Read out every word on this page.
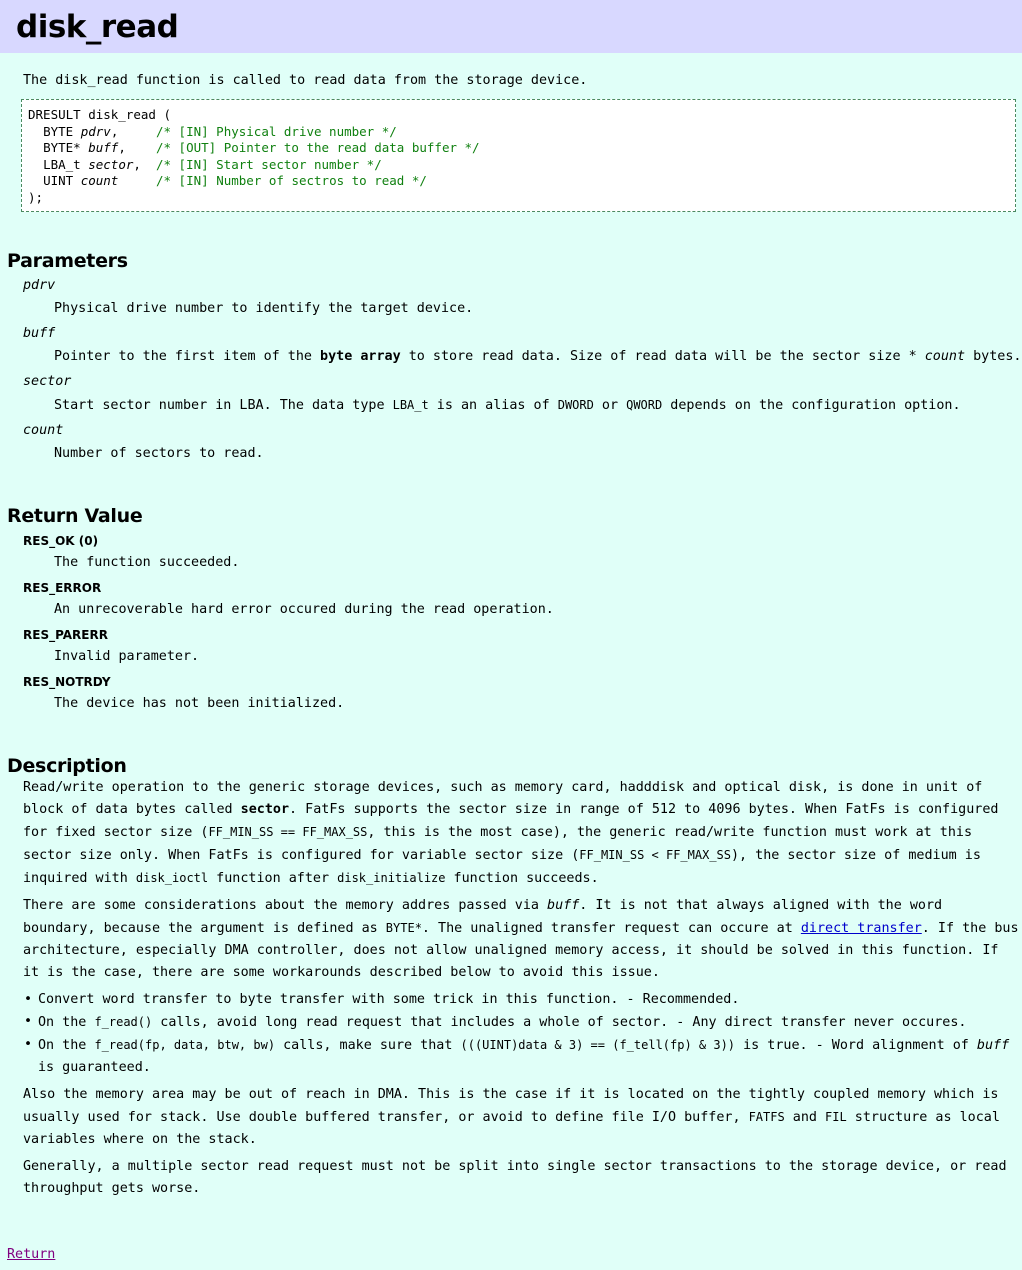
disk_read

The disk_read function is called to read data from the storage device.

DRESULT disk_read (
BYTE pdrv,     /* [IN] Physical drive number */
BYTE* buff,    /* [OUT] Pointer to the read data buffer */
LBA_t sector,  /* [IN] Start sector number */
UINT count	/* [IN] Number of sectros to read */
);
Parameters
pdrv
Physical drive number to identify the target device.
buff
Pointer to the first item of the byte array to store read data. Size of read data will be the sector size * count bytes.
sector
Start sector number in LBA. The data type LBA_t is an alias of DWORD or QWORD depends on the configuration option.
count
Number of sectors to read.
Return Value
RES_OK (0)
The function succeeded.
RES_ERROR
An unrecoverable hard error occured during the read operation.
RES_PARERR
Invalid parameter.
RES_NOTRDY
The device has not been initialized.
Description

Read/write operation to the generic storage devices, such as memory card, hadddisk and optical disk, is done in unit of block of data bytes called sector. FatFs supports the sector size in range of 512 to 4096 bytes. When FatFs is configured for fixed sector size (FF_MIN_SS == FF_MAX_SS, this is the most case), the generic read/write function must work at this sector size only. When FatFs is configured for variable sector size (FF_MIN_SS < FF_MAX_SS), the sector size of medium is inquired with disk_ioctl function after disk_initialize function succeeds.

There are some considerations about the memory addres passed via buff. It is not that always aligned with the word boundary, because the argument is defined as BYTE*. The unaligned transfer request can occure at direct transfer. If the bus architecture, especially DMA controller, does not allow unaligned memory access, it should be solved in this function. If it is the case, there are some workarounds described below to avoid this issue.

• Convert word transfer to byte transfer with some trick in this function. - Recommended.
• On the f_read() calls, avoid long read request that includes a whole of sector. - Any direct transfer never occures.
• On the f_read(fp, data, btw, bw) calls, make sure that (((UINT)data & 3) == (f_tell(fp) & 3)) is true. - Word alignment of buff is guaranteed.

Also the memory area may be out of reach in DMA. This is the case if it is located on the tightly coupled memory which is usually used for stack. Use double buffered transfer, or avoid to define file I/O buffer, FATFS and FIL structure as local variables where on the stack.

Generally, a multiple sector read request must not be split into single sector transactions to the storage device, or read throughput gets worse.

Return
